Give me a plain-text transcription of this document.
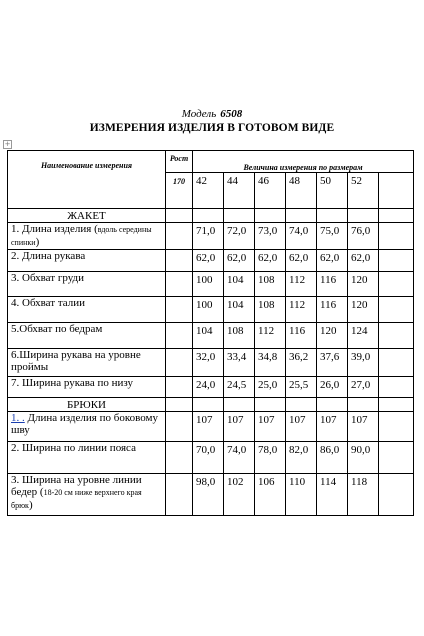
Модель 6508
ИЗМЕРЕНИЯ ИЗДЕЛИЯ В ГОТОВОМ ВИДЕ
+
Наименование измерения	Рост	Величина измерения по размерам						
	170	42	44	46	48	50	52	
ЖАКЕТ								
1. Длина изделия (вдоль середины спинки)		71,0	72,0	73,0	74,0	75,0	76,0	
2. Длина рукава		62,0	62,0	62,0	62,0	62,0	62,0	
3. Обхват груди		100	104	108	112	116	120	
4. Обхват талии		100	104	108	112	116	120	
5.Обхват по бедрам		104	108	112	116	120	124	
6.Ширина рукава на уровне проймы		32,0	33,4	34,8	36,2	37,6	39,0	
7. Ширина рукава по низу		24,0	24,5	25,0	25,5	26,0	27,0	
БРЮКИ								
1. . Длина изделия по боковому шву		107	107	107	107	107	107	
2. Ширина по линии пояса		70,0	74,0	78,0	82,0	86,0	90,0	
3. Ширина на уровне линии бедер (18-20 см ниже верхнего края брюк)		98,0	102	106	110	114	118	
